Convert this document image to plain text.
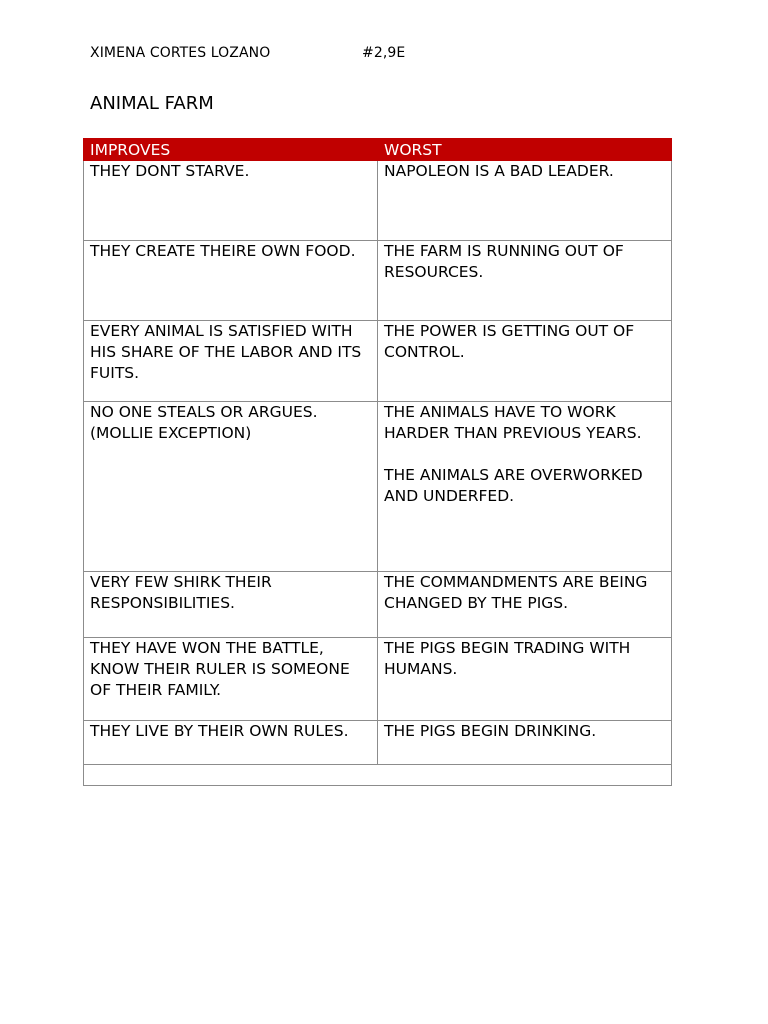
XIMENA CORTES LOZANO	#2,9E
ANIMAL FARM
IMPROVES	WORST

THEY DONT STARVE.	NAPOLEON IS A BAD LEADER.

THEY CREATE THEIRE OWN FOOD.	THE FARM IS RUNNING OUT OF RESOURCES.

EVERY ANIMAL IS SATISFIED WITH HIS SHARE OF THE LABOR AND ITS FUITS.	THE POWER IS GETTING OUT OF CONTROL.

NO ONE STEALS OR ARGUES. (MOLLIE EXCEPTION)	THE ANIMALS HAVE TO WORK HARDER THAN PREVIOUS YEARS.

THE ANIMALS ARE OVERWORKED AND UNDERFED.

VERY FEW SHIRK THEIR RESPONSIBILITIES.	THE COMMANDMENTS ARE BEING CHANGED BY THE PIGS.

THEY HAVE WON THE BATTLE, KNOW THEIR RULER IS SOMEONE OF THEIR FAMILY.	THE PIGS BEGIN TRADING WITH HUMANS.

THEY LIVE BY THEIR OWN RULES.	THE PIGS BEGIN DRINKING.
